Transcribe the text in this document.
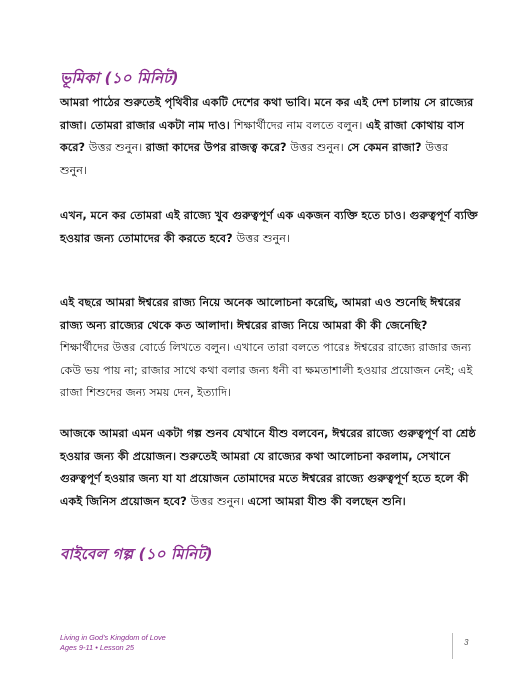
ভূমিকা (১০ মিনিট)

আমরা পাঠের শুরুতেই পৃথিবীর একটি দেশের কথা ভাবি। মনে কর এই দেশ চালায় সে রাজ্যের রাজা। তোমরা রাজার একটা নাম দাও। শিক্ষার্থীদের নাম বলতে বলুন। এই রাজা কোথায় বাস করে? উত্তর শুনুন। রাজা কাদের উপর রাজত্ব করে? উত্তর শুনুন। সে কেমন রাজা? উত্তর শুনুন।

এখন, মনে কর তোমরা এই রাজ্যে খুব গুরুত্বপূর্ণ এক একজন ব্যক্তি হতে চাও। গুরুত্বপূর্ণ ব্যক্তি হওয়ার জন্য তোমাদের কী করতে হবে? উত্তর শুনুন।

এই বছরে আমরা ঈশ্বরের রাজ্য নিয়ে অনেক আলোচনা করেছি, আমরা এও শুনেছি ঈশ্বরের রাজ্য অন্য রাজ্যের থেকে কত আলাদা। ঈশ্বরের রাজ্য নিয়ে আমরা কী কী জেনেছি? শিক্ষার্থীদের উত্তর বোর্ডে লিখতে বলুন। এখানে তারা বলতে পারেঃ ঈশ্বরের রাজ্যে রাজার জন্য কেউ ভয় পায় না; রাজার সাথে কথা বলার জন্য ধনী বা ক্ষমতাশালী হওয়ার প্রয়োজন নেই; এই রাজা শিশুদের জন্য সময় দেন, ইত্যাদি।

আজকে আমরা এমন একটা গল্প শুনব যেখানে যীশু বলবেন, ঈশ্বরের রাজ্যে গুরুত্বপূর্ণ বা শ্রেষ্ঠ হওয়ার জন্য কী প্রয়োজন। শুরুতেই আমরা যে রাজ্যের কথা আলোচনা করলাম, সেখানে গুরুত্বপূর্ণ হওয়ার জন্য যা যা প্রয়োজন তোমাদের মতে ঈশ্বরের রাজ্যে গুরুত্বপূর্ণ হতে হলে কী একই জিনিস প্রয়োজন হবে? উত্তর শুনুন। এসো আমরা যীশু কী বলছেন শুনি।

বাইবেল গল্প (১০ মিনিট)
Living in God's Kingdom of Love
Ages 9-11 • Lesson 25
3
